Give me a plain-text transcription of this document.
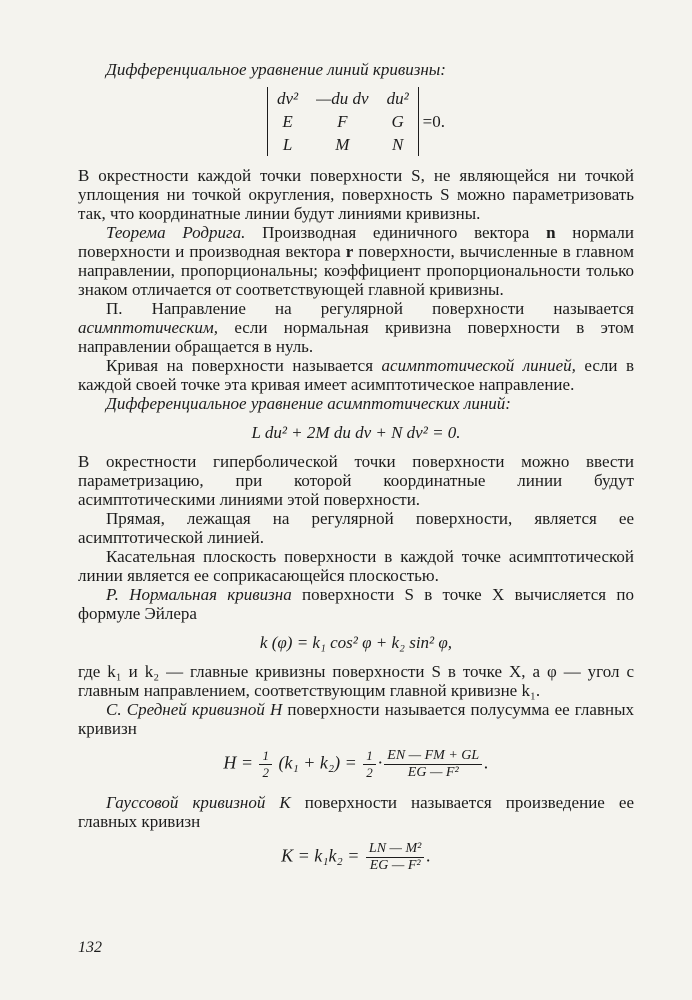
Дифференциальное уравнение линий кривизны:

dv²	—du dv	du²
E	F	G
L	M	N
=0.

В окрестности каждой точки поверхности S, не являющейся ни точкой уплощения ни точкой округления, поверхность S можно параметризовать так, что координатные линии будут линиями кривизны.

Теорема Родрига. Производная единичного вектора n нормали поверхности и производная вектора r поверхности, вычисленные в главном направлении, пропорциональны; коэффициент пропорциональности только знаком отличается от соответствующей главной кривизны.

П. Направление на регулярной поверхности называется асимптотическим, если нормальная кривизна поверхности в этом направлении обращается в нуль.

Кривая на поверхности называется асимптотической линией, если в каждой своей точке эта кривая имеет асимптотическое направление.

Дифференциальное уравнение асимптотических линий:

L du² + 2M du dv + N dv² = 0.

В окрестности гиперболической точки поверхности можно ввести параметризацию, при которой координатные линии будут асимптотическими линиями этой поверхности.

Прямая, лежащая на регулярной поверхности, является ее асимптотической линией.

Касательная плоскость поверхности в каждой точке асимптотической линии является ее соприкасающейся плоскостью.

Р. Нормальная кривизна поверхности S в точке X вычисляется по формуле Эйлера

k (φ) = k₁ cos² φ + k₂ sin² φ,

где k₁ и k₂ — главные кривизны поверхности S в точке X, а φ — угол с главным направлением, соответствующим главной кривизне k₁.

С. Средней кривизной H поверхности называется полусумма ее главных кривизн

$H = \frac{1}{2} (k_1 + k_2) = \frac{1}{2} \cdot \frac{EN — FM + GL}{\text{EG — F²}}$ .

Гауссовой кривизной K поверхности называется произведение ее главных кривизн

$K = k_1k_2 = \frac{\text{LN — M²}}{\text{EG — F²}}$ .
132
